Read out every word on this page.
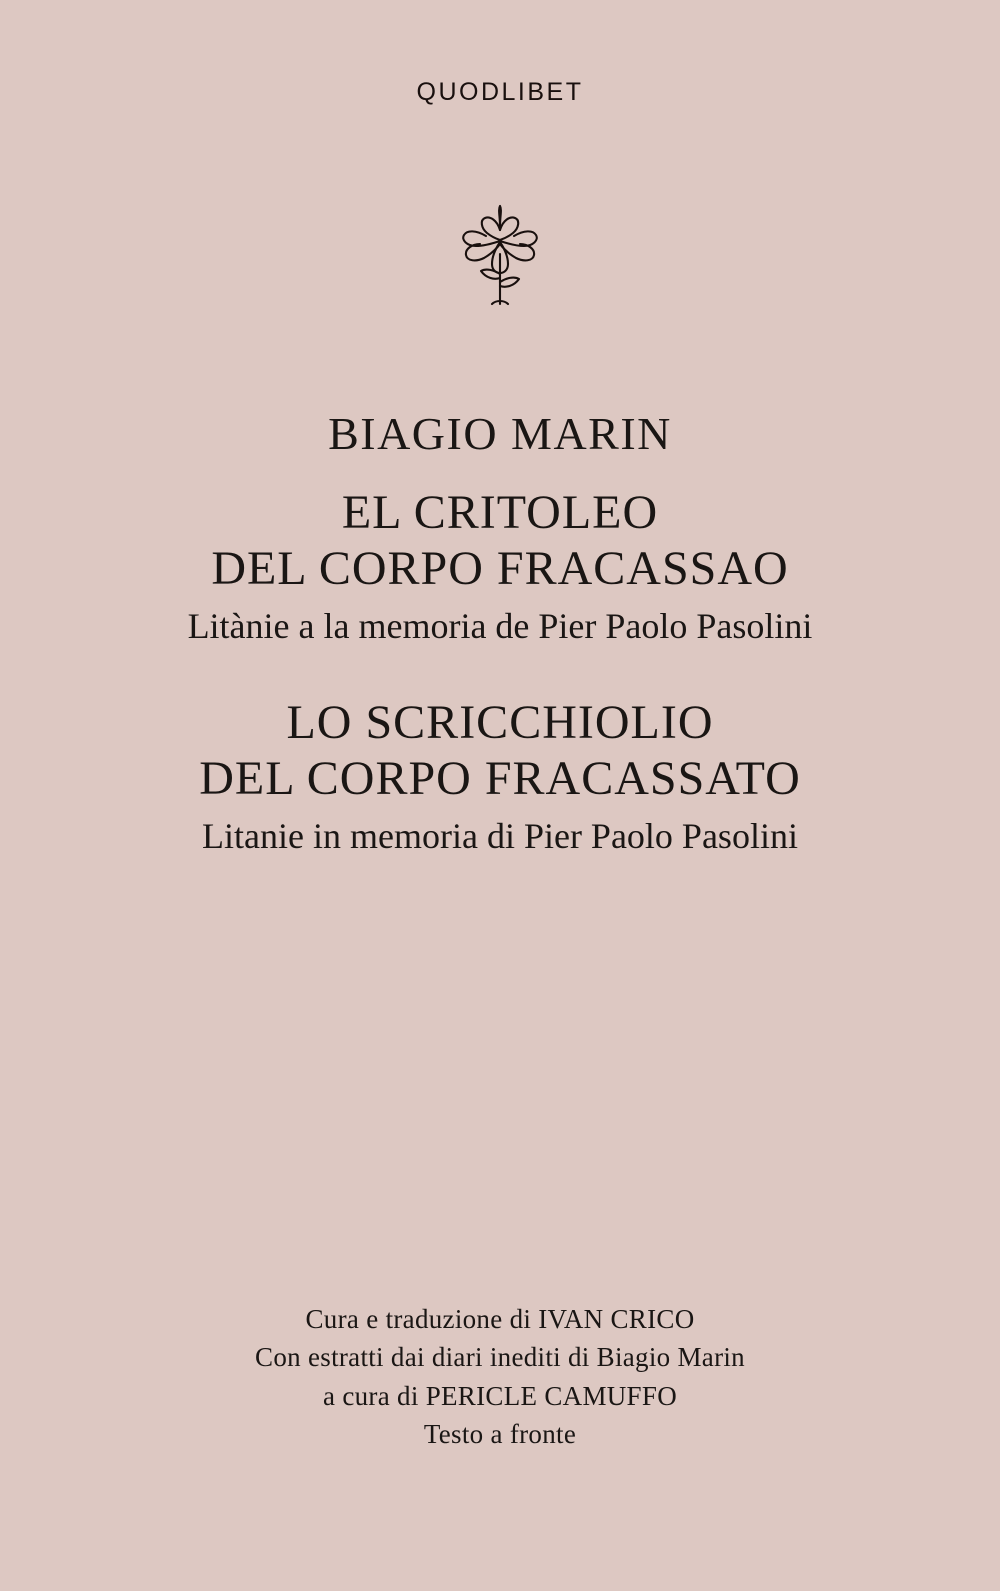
QUODLIBET
BIAGIO MARIN
EL CRITOLEO
DEL CORPO FRACASSAO
Litànie a la memoria de Pier Paolo Pasolini
LO SCRICCHIOLIO
DEL CORPO FRACASSATO
Litanie in memoria di Pier Paolo Pasolini
Cura e traduzione di IVAN CRICO
Con estratti dai diari inediti di Biagio Marin
a cura di PERICLE CAMUFFO
Testo a fronte
